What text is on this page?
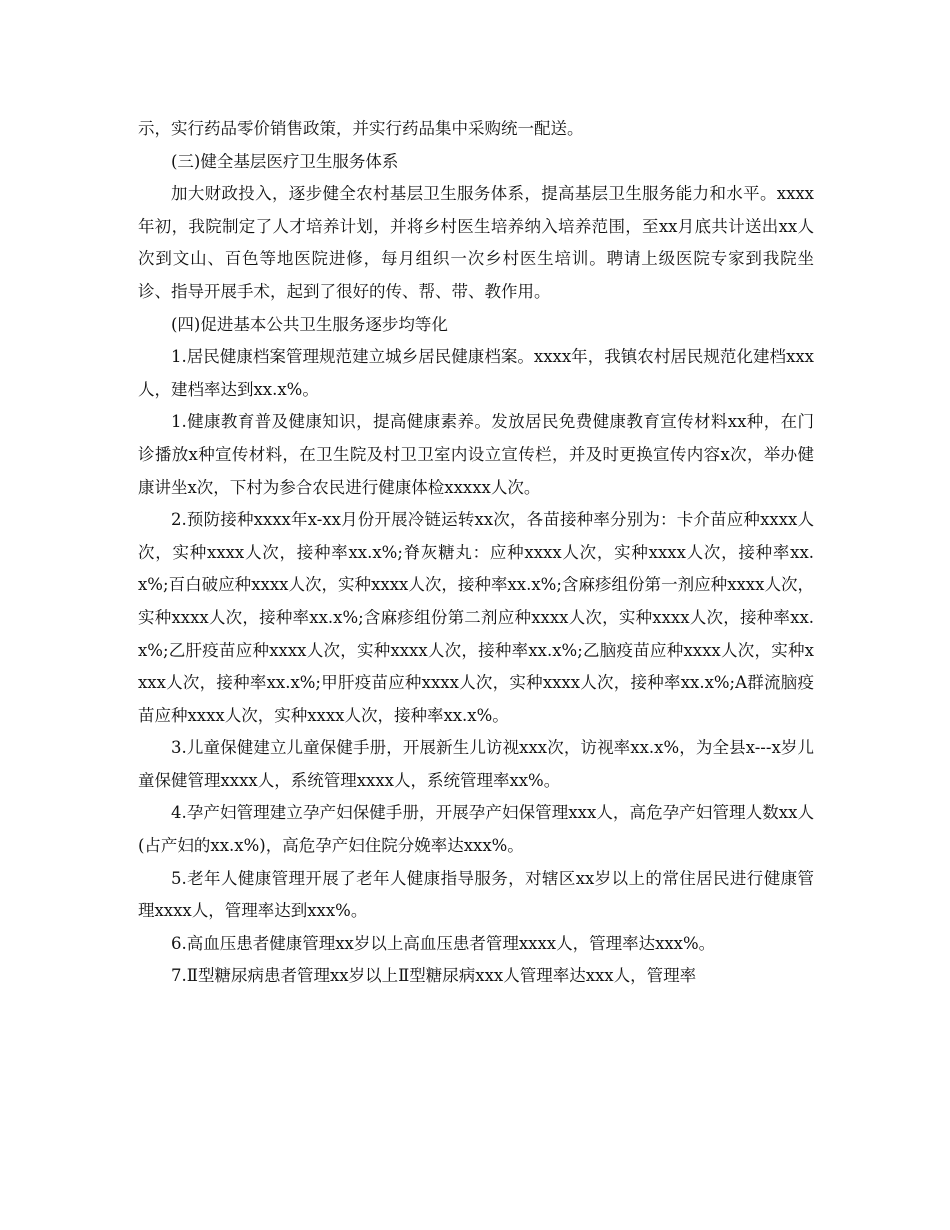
示，实行药品零价销售政策，并实行药品集中采购统一配送。

(三)健全基层医疗卫生服务体系

加大财政投入，逐步健全农村基层卫生服务体系，提高基层卫生服务能力和水平。xxxx年初，我院制定了人才培养计划，并将乡村医生培养纳入培养范围，至xx月底共计送出xx人次到文山、百色等地医院进修，每月组织一次乡村医生培训。聘请上级医院专家到我院坐诊、指导开展手术，起到了很好的传、帮、带、教作用。

(四)促进基本公共卫生服务逐步均等化

1.居民健康档案管理规范建立城乡居民健康档案。xxxx年，我镇农村居民规范化建档xxx人，建档率达到xx.x%。

1.健康教育普及健康知识，提高健康素养。发放居民免费健康教育宣传材料xx种，在门诊播放x种宣传材料，在卫生院及村卫卫室内设立宣传栏，并及时更换宣传内容x次，举办健康讲坐x次，下村为参合农民进行健康体检xxxxx人次。

2.预防接种xxxx年x-xx月份开展冷链运转xx次，各苗接种率分别为：卡介苗应种xxxx人次，实种xxxx人次，接种率xx.x%;脊灰糖丸：应种xxxx人次，实种xxxx人次，接种率xx.x%;百白破应种xxxx人次，实种xxxx人次，接种率xx.x%;含麻疹组份第一剂应种xxxx人次，实种xxxx人次，接种率xx.x%;含麻疹组份第二剂应种xxxx人次，实种xxxx人次，接种率xx.x%;乙肝疫苗应种xxxx人次，实种xxxx人次，接种率xx.x%;乙脑疫苗应种xxxx人次，实种xxxx人次，接种率xx.x%;甲肝疫苗应种xxxx人次，实种xxxx人次，接种率xx.x%;A群流脑疫苗应种xxxx人次，实种xxxx人次，接种率xx.x%。

3.儿童保健建立儿童保健手册，开展新生儿访视xxx次，访视率xx.x%，为全县x---x岁儿童保健管理xxxx人，系统管理xxxx人，系统管理率xx%。

4.孕产妇管理建立孕产妇保健手册，开展孕产妇保管理xxx人，高危孕产妇管理人数xx人(占产妇的xx.x%)，高危孕产妇住院分娩率达xxx%。

5.老年人健康管理开展了老年人健康指导服务，对辖区xx岁以上的常住居民进行健康管理xxxx人，管理率达到xxx%。

6.高血压患者健康管理xx岁以上高血压患者管理xxxx人，管理率达xxx%。

7.Ⅱ型糖尿病患者管理xx岁以上Ⅱ型糖尿病xxx人管理率达xxx人，管理率
